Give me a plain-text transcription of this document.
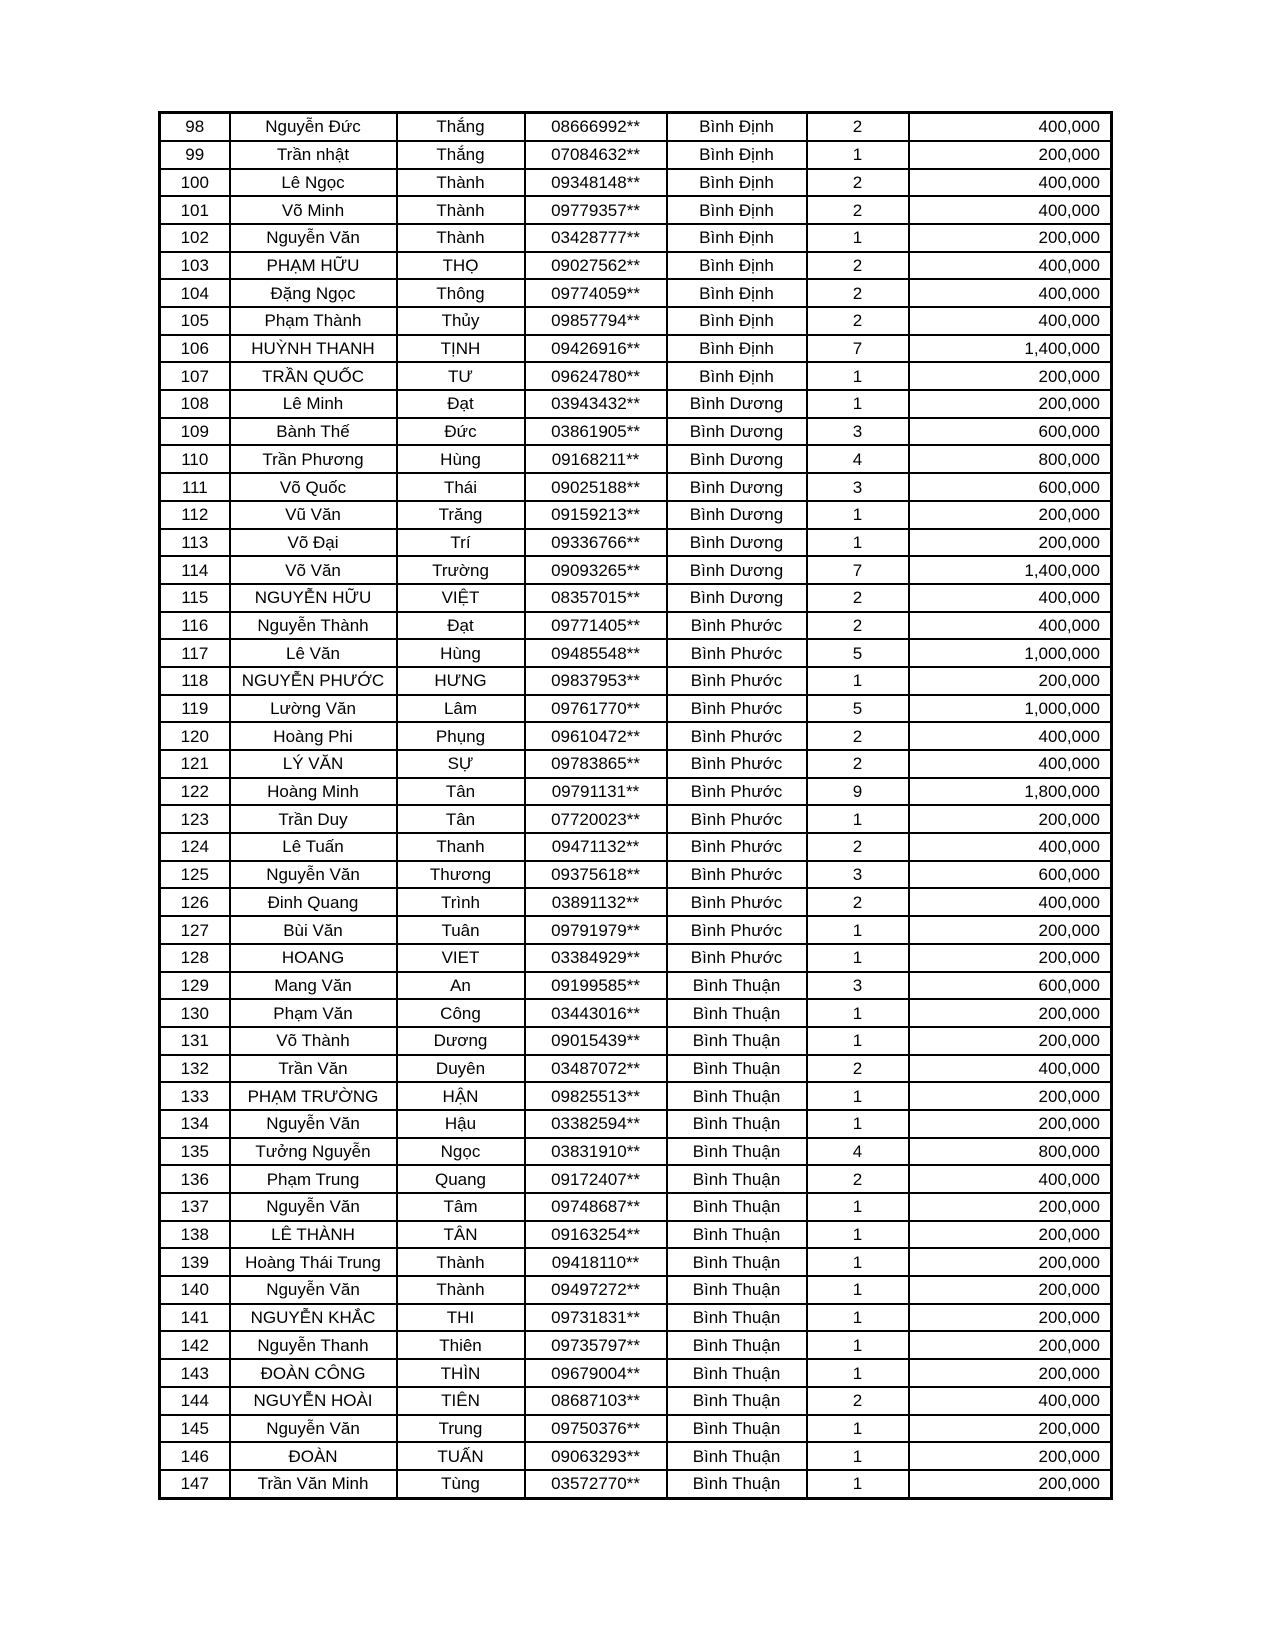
98	Nguyễn Đức	Thắng	08666992**	Bình Định	2	400,000
99	Trần nhật	Thắng	07084632**	Bình Định	1	200,000
100	Lê Ngọc	Thành	09348148**	Bình Định	2	400,000
101	Võ Minh	Thành	09779357**	Bình Định	2	400,000
102	Nguyễn Văn	Thành	03428777**	Bình Định	1	200,000
103	PHẠM HỮU	THỌ	09027562**	Bình Định	2	400,000
104	Đặng Ngọc	Thông	09774059**	Bình Định	2	400,000
105	Phạm Thành	Thủy	09857794**	Bình Định	2	400,000
106	HUỲNH THANH	TỊNH	09426916**	Bình Định	7	1,400,000
107	TRẦN QUỐC	TƯ	09624780**	Bình Định	1	200,000
108	Lê Minh	Đạt	03943432**	Bình Dương	1	200,000
109	Bành Thế	Đức	03861905**	Bình Dương	3	600,000
110	Trần Phương	Hùng	09168211**	Bình Dương	4	800,000
111	Võ Quốc	Thái	09025188**	Bình Dương	3	600,000
112	Vũ Văn	Trăng	09159213**	Bình Dương	1	200,000
113	Võ Đại	Trí	09336766**	Bình Dương	1	200,000
114	Võ Văn	Trường	09093265**	Bình Dương	7	1,400,000
115	NGUYỄN HỮU	VIỆT	08357015**	Bình Dương	2	400,000
116	Nguyễn Thành	Đạt	09771405**	Bình Phước	2	400,000
117	Lê Văn	Hùng	09485548**	Bình Phước	5	1,000,000
118	NGUYỄN PHƯỚC	HƯNG	09837953**	Bình Phước	1	200,000
119	Lường Văn	Lâm	09761770**	Bình Phước	5	1,000,000
120	Hoàng Phi	Phụng	09610472**	Bình Phước	2	400,000
121	LÝ VĂN	SỰ	09783865**	Bình Phước	2	400,000
122	Hoàng Minh	Tân	09791131**	Bình Phước	9	1,800,000
123	Trần Duy	Tân	07720023**	Bình Phước	1	200,000
124	Lê Tuấn	Thanh	09471132**	Bình Phước	2	400,000
125	Nguyễn Văn	Thương	09375618**	Bình Phước	3	600,000
126	Đinh Quang	Trình	03891132**	Bình Phước	2	400,000
127	Bùi Văn	Tuân	09791979**	Bình Phước	1	200,000
128	HOANG	VIET	03384929**	Bình Phước	1	200,000
129	Mang Văn	An	09199585**	Bình Thuận	3	600,000
130	Phạm Văn	Công	03443016**	Bình Thuận	1	200,000
131	Võ Thành	Dương	09015439**	Bình Thuận	1	200,000
132	Trần Văn	Duyên	03487072**	Bình Thuận	2	400,000
133	PHẠM TRƯỜNG	HẬN	09825513**	Bình Thuận	1	200,000
134	Nguyễn Văn	Hậu	03382594**	Bình Thuận	1	200,000
135	Tưởng Nguyễn	Ngọc	03831910**	Bình Thuận	4	800,000
136	Phạm Trung	Quang	09172407**	Bình Thuận	2	400,000
137	Nguyễn Văn	Tâm	09748687**	Bình Thuận	1	200,000
138	LÊ THÀNH	TÂN	09163254**	Bình Thuận	1	200,000
139	Hoàng Thái Trung	Thành	09418110**	Bình Thuận	1	200,000
140	Nguyễn Văn	Thành	09497272**	Bình Thuận	1	200,000
141	NGUYỄN KHẮC	THI	09731831**	Bình Thuận	1	200,000
142	Nguyễn Thanh	Thiên	09735797**	Bình Thuận	1	200,000
143	ĐOÀN CÔNG	THÌN	09679004**	Bình Thuận	1	200,000
144	NGUYỄN HOÀI	TIÊN	08687103**	Bình Thuận	2	400,000
145	Nguyễn Văn	Trung	09750376**	Bình Thuận	1	200,000
146	ĐOÀN	TUẤN	09063293**	Bình Thuận	1	200,000
147	Trần Văn Minh	Tùng	03572770**	Bình Thuận	1	200,000
